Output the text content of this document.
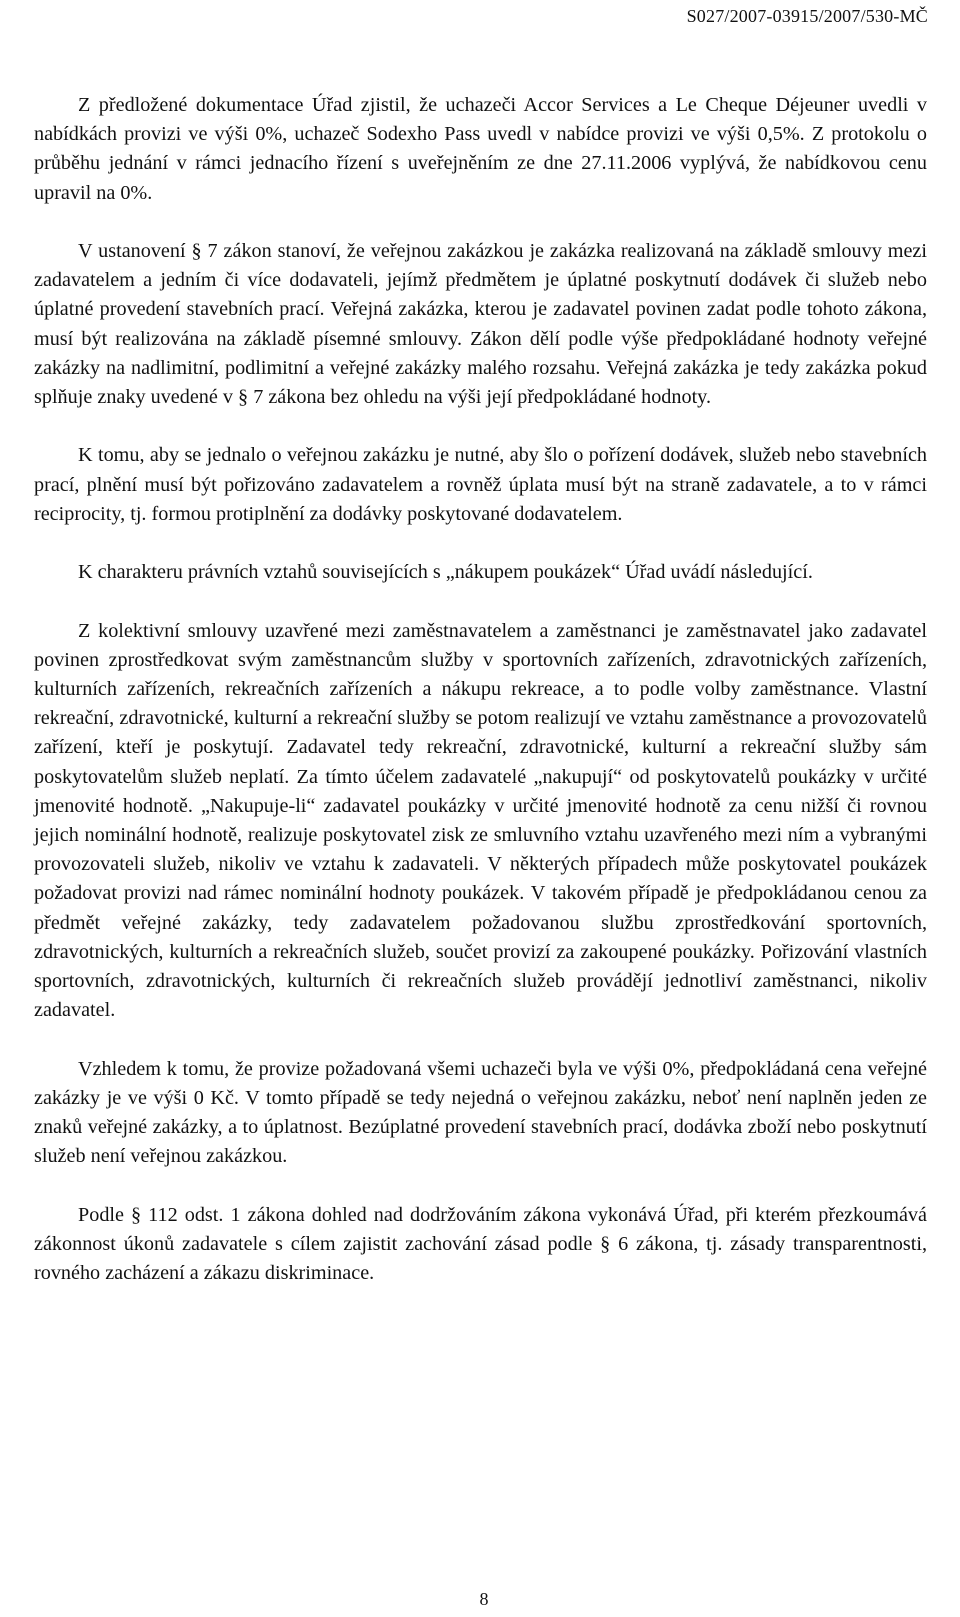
S027/2007-03915/2007/530-MČ

Z předložené dokumentace Úřad zjistil, že uchazeči Accor Services a Le Cheque Déjeuner uvedli v nabídkách provizi ve výši 0%, uchazeč Sodexho Pass uvedl v nabídce provizi ve výši 0,5%. Z protokolu o průběhu jednání v rámci jednacího řízení s uveřejněním ze dne 27.11.2006 vyplývá, že nabídkovou cenu upravil na 0%.

V ustanovení § 7 zákon stanoví, že veřejnou zakázkou je zakázka realizovaná na základě smlouvy mezi zadavatelem a jedním či více dodavateli, jejímž předmětem je úplatné poskytnutí dodávek či služeb nebo úplatné provedení stavebních prací. Veřejná zakázka, kterou je zadavatel povinen zadat podle tohoto zákona, musí být realizována na základě písemné smlouvy. Zákon dělí podle výše předpokládané hodnoty veřejné zakázky na nadlimitní, podlimitní a veřejné zakázky malého rozsahu. Veřejná zakázka je tedy zakázka pokud splňuje znaky uvedené v § 7 zákona bez ohledu na výši její předpokládané hodnoty.

K tomu, aby se jednalo o veřejnou zakázku je nutné, aby šlo o pořízení dodávek, služeb nebo stavebních prací, plnění musí být pořizováno zadavatelem a rovněž úplata musí být na straně zadavatele, a to v rámci reciprocity, tj. formou protiplnění za dodávky poskytované dodavatelem.

K charakteru právních vztahů souvisejících s „nákupem poukázek“ Úřad uvádí následující.

Z kolektivní smlouvy uzavřené mezi zaměstnavatelem a zaměstnanci je zaměstnavatel jako zadavatel povinen zprostředkovat svým zaměstnancům služby v sportovních zařízeních, zdravotnických zařízeních, kulturních zařízeních, rekreačních zařízeních a nákupu rekreace, a to podle volby zaměstnance. Vlastní rekreační, zdravotnické, kulturní a rekreační služby se potom realizují ve vztahu zaměstnance a provozovatelů zařízení, kteří je poskytují. Zadavatel tedy rekreační, zdravotnické, kulturní a rekreační služby sám poskytovatelům služeb neplatí. Za tímto účelem zadavatelé „nakupují“ od poskytovatelů poukázky v určité jmenovité hodnotě. „Nakupuje-li“ zadavatel poukázky v určité jmenovité hodnotě za cenu nižší či rovnou jejich nominální hodnotě, realizuje poskytovatel zisk ze smluvního vztahu uzavřeného mezi ním a vybranými provozovateli služeb, nikoliv ve vztahu k zadavateli. V některých případech může poskytovatel poukázek požadovat provizi nad rámec nominální hodnoty poukázek. V takovém případě je předpokládanou cenou za předmět veřejné zakázky, tedy zadavatelem požadovanou službu zprostředkování sportovních, zdravotnických, kulturních a rekreačních služeb, součet provizí za zakoupené poukázky. Pořizování vlastních sportovních, zdravotnických, kulturních či rekreačních služeb provádějí jednotliví zaměstnanci, nikoliv zadavatel.

Vzhledem k tomu, že provize požadovaná všemi uchazeči byla ve výši 0%, předpokládaná cena veřejné zakázky je ve výši 0 Kč. V tomto případě se tedy nejedná o veřejnou zakázku, neboť není naplněn jeden ze znaků veřejné zakázky, a to úplatnost. Bezúplatné provedení stavebních prací, dodávka zboží nebo poskytnutí služeb není veřejnou zakázkou.

Podle § 112 odst. 1 zákona dohled nad dodržováním zákona vykonává Úřad, při kterém přezkoumává zákonnost úkonů zadavatele s cílem zajistit zachování zásad podle § 6 zákona, tj. zásady transparentnosti, rovného zacházení a zákazu diskriminace.

8
